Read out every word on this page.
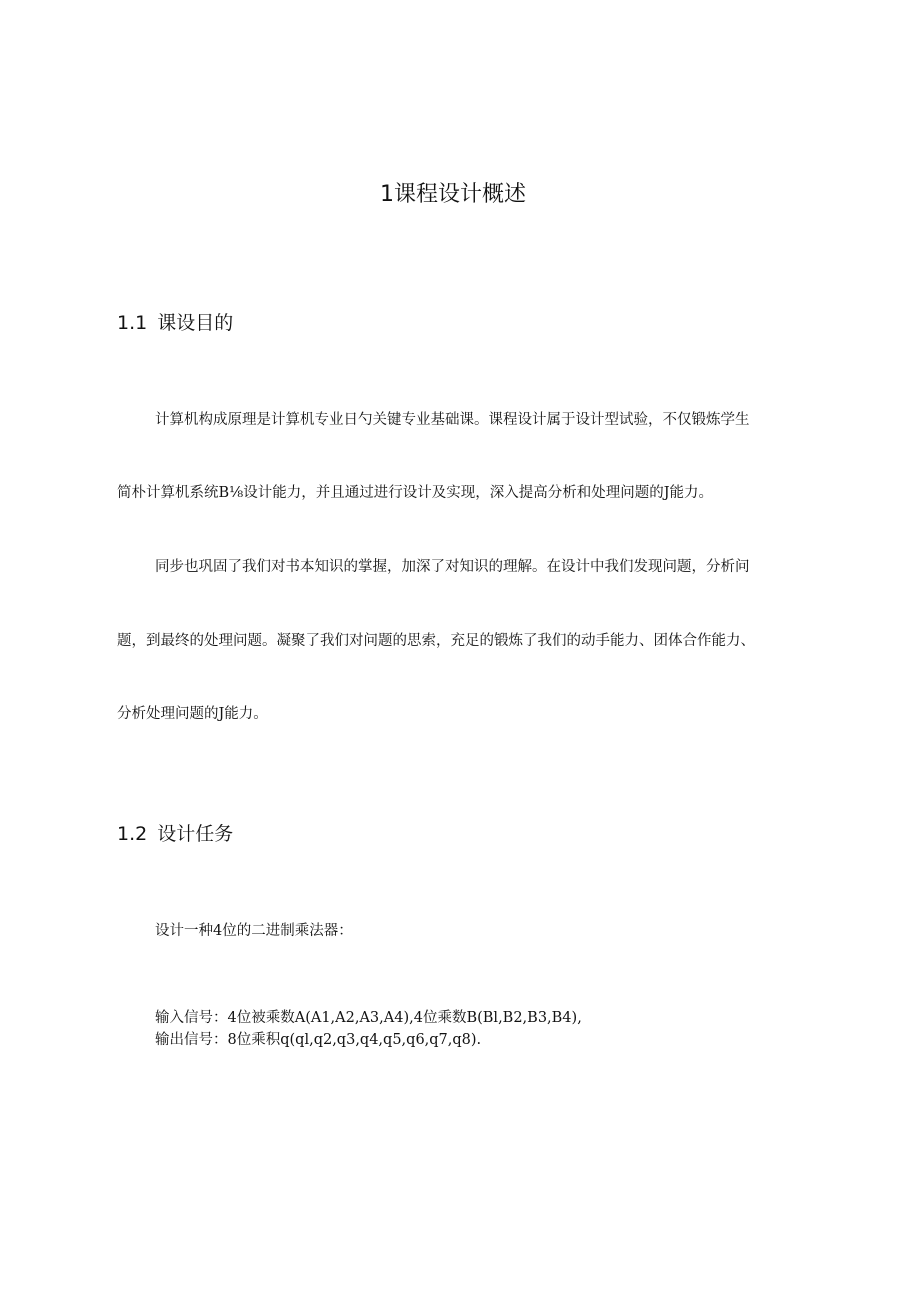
1课程设计概述
1.1 课设目的
计算机构成原理是计算机专业日勺关键专业基础课。课程设计属于设计型试验，不仅锻炼学生
简朴计算机系统B⅛设计能力，并且通过进行设计及实现，深入提高分析和处理问题的J能力。
同步也巩固了我们对书本知识的掌握，加深了对知识的理解。在设计中我们发现问题，分析问
题，到最终的处理问题。凝聚了我们对问题的思索，充足的锻炼了我们的动手能力、团体合作能力、
分析处理问题的J能力。
1.2 设计任务
设计一种4位的二进制乘法器：
输入信号：4位被乘数A(A1,A2,A3,A4),4位乘数B(Bl,B2,B3,B4),
输出信号：8位乘积q(ql,q2,q3,q4,q5,q6,q7,q8).
